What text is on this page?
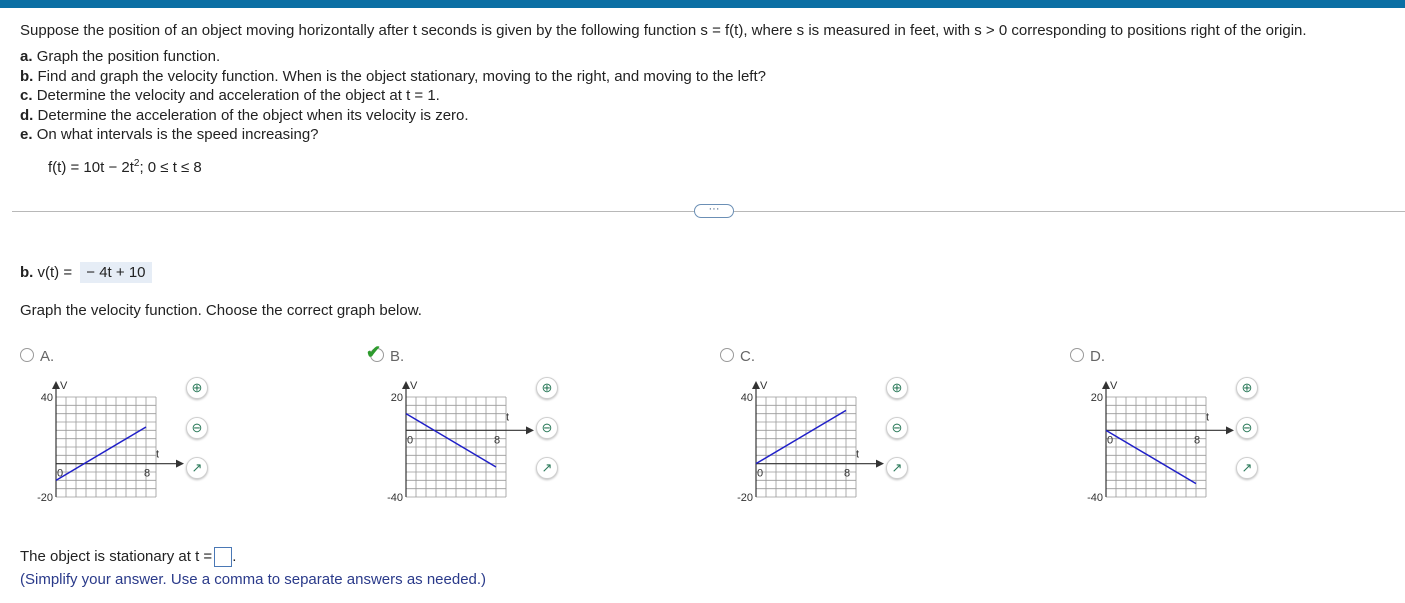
Suppose the position of an object moving horizontally after t seconds is given by the following function s = f(t), where s is measured in feet, with s > 0 corresponding to positions right of the origin.
a. Graph the position function.
b. Find and graph the velocity function. When is the object stationary, moving to the right, and moving to the left?
c. Determine the velocity and acceleration of the object at t = 1.
d. Determine the acceleration of the object when its velocity is zero.
e. On what intervals is the speed increasing?
$f(t) = 10t - 2t^2$; 0 ≤ t ≤ 8
···
b. v(t) = − 4t + 10
Graph the velocity function. Choose the correct graph below.
A.
V
40
-20
0	8
t
⊕
⊖
↗
✔ B.
V
20
-40
0	8
t
⊕
⊖
↗
C.
V
40
-20
0	8
t
⊕
⊖
↗
D.
V
20
-40
0	8
t
⊕
⊖
↗
The object is stationary at t = .
(Simplify your answer. Use a comma to separate answers as needed.)
